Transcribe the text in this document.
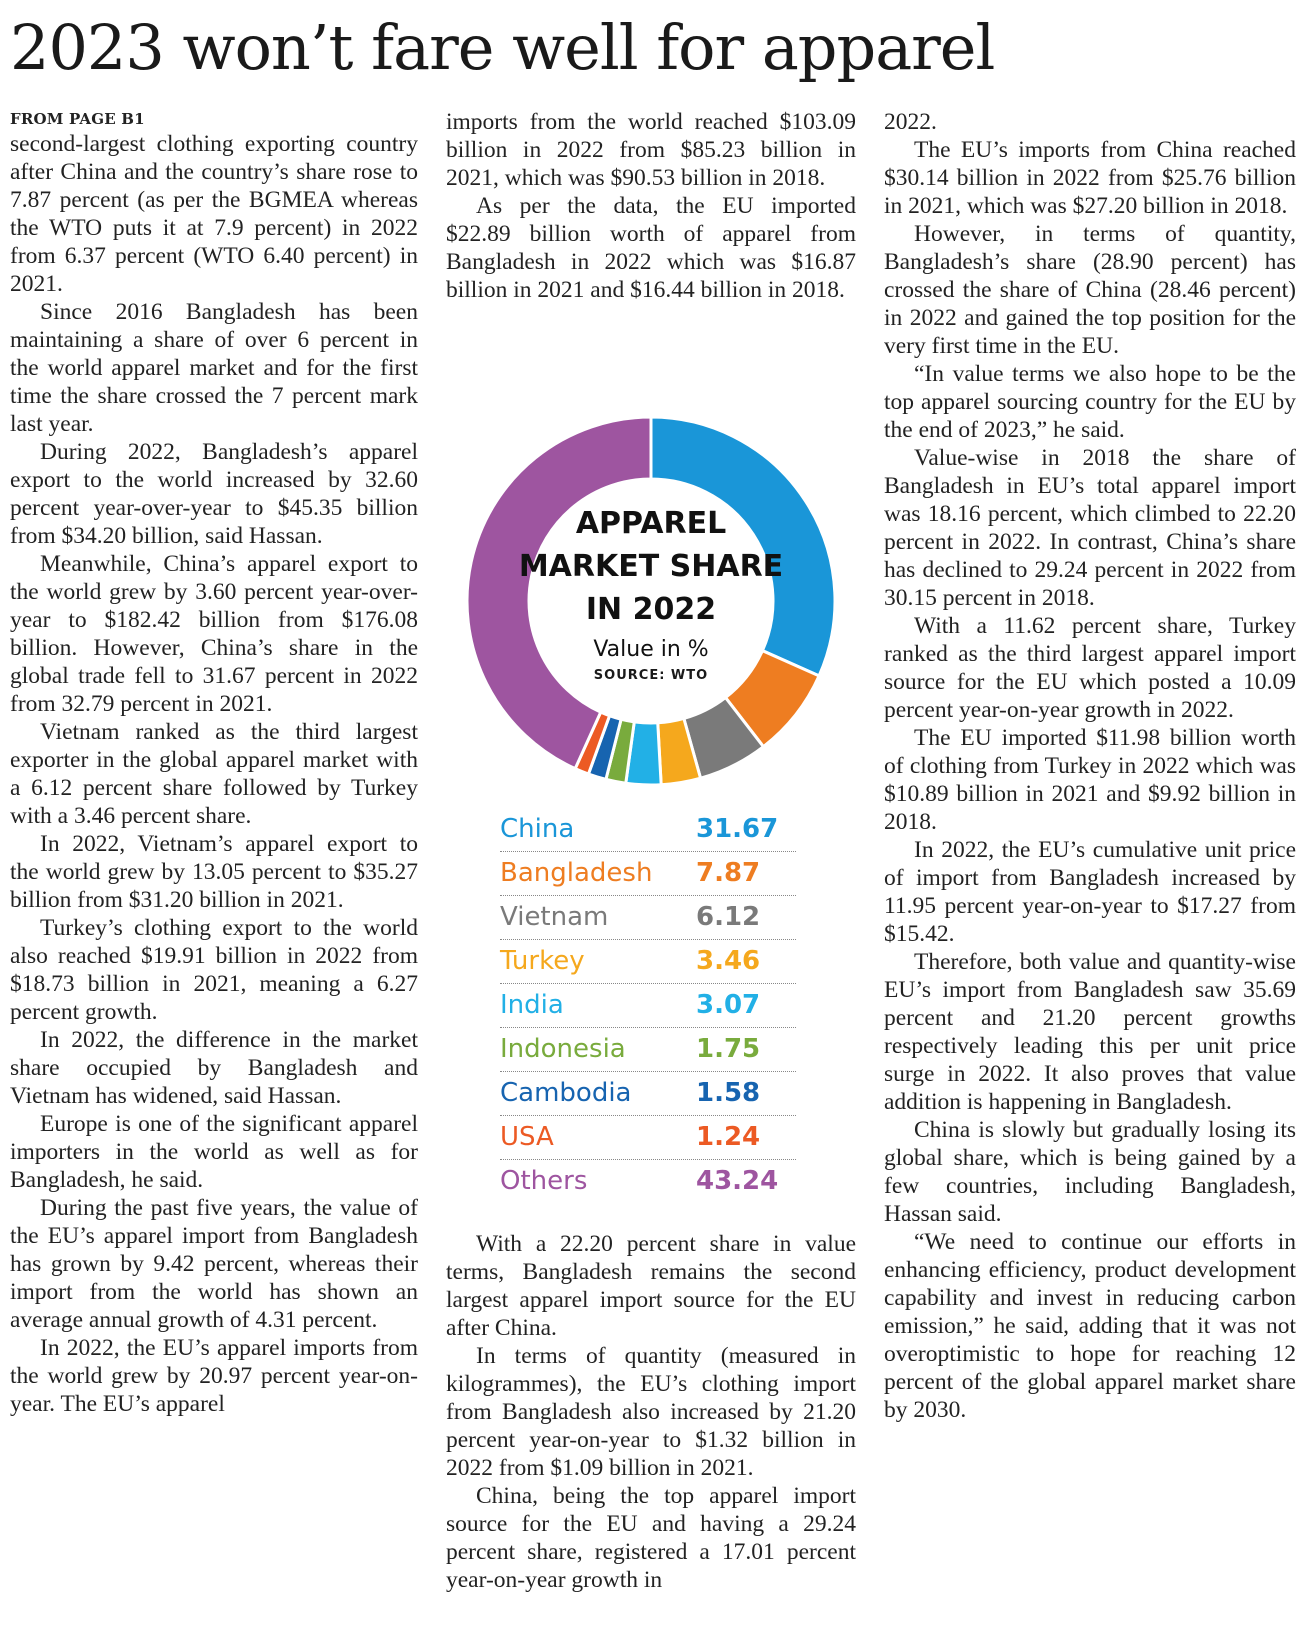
2023 won’t fare well for apparel
FROM PAGE B1

second-largest clothing exporting country after China and the country’s share rose to 7.87 percent (as per the BGMEA whereas the WTO puts it at 7.9 percent) in 2022 from 6.37 percent (WTO 6.40 percent) in 2021.

Since 2016 Bangladesh has been maintaining a share of over 6 percent in the world apparel market and for the first time the share crossed the 7 percent mark last year.

During 2022, Bangladesh’s apparel export to the world increased by 32.60 percent year-over-year to $45.35 billion from $34.20 billion, said Hassan.

Meanwhile, China’s apparel export to the world grew by 3.60 percent year-over-year to $182.42 billion from $176.08 billion. However, China’s share in the global trade fell to 31.67 percent in 2022 from 32.79 percent in 2021.

Vietnam ranked as the third largest exporter in the global apparel market with a 6.12 percent share followed by Turkey with a 3.46 percent share.

In 2022, Vietnam’s apparel export to the world grew by 13.05 percent to $35.27 billion from $31.20 billion in 2021.

Turkey’s clothing export to the world also reached $19.91 billion in 2022 from $18.73 billion in 2021, meaning a 6.27 percent growth.

In 2022, the difference in the market share occupied by Bangladesh and Vietnam has widened, said Hassan.

Europe is one of the significant apparel importers in the world as well as for Bangladesh, he said.

During the past five years, the value of the EU’s apparel import from Bangladesh has grown by 9.42 percent, whereas their import from the world has shown an average annual growth of 4.31 percent.

In 2022, the EU’s apparel imports from the world grew by 20.97 percent year-on-year. The EU’s apparel

imports from the world reached $103.09 billion in 2022 from $85.23 billion in 2021, which was $90.53 billion in 2018.

As per the data, the EU imported $22.89 billion worth of apparel from Bangladesh in 2022 which was $16.87 billion in 2021 and $16.44 billion in 2018.

APPAREL
MARKET SHARE
IN 2022
Value in %
SOURCE: WTO
China	31.67
Bangladesh 7.87
Vietnam	6.12
Turkey	3.46
India	3.07
Indonesia	1.75
Cambodia 1.58
USA	1.24
Others	43.24

With a 22.20 percent share in value terms, Bangladesh remains the second largest apparel import source for the EU after China.

In terms of quantity (measured in kilogrammes), the EU’s clothing import from Bangladesh also increased by 21.20 percent year-on-year to $1.32 billion in 2022 from $1.09 billion in 2021.

China, being the top apparel import source for the EU and having a 29.24 percent share, registered a 17.01 percent year-on-year growth in

2022.

The EU’s imports from China reached $30.14 billion in 2022 from $25.76 billion in 2021, which was $27.20 billion in 2018.

However, in terms of quantity, Bangladesh’s share (28.90 percent) has crossed the share of China (28.46 percent) in 2022 and gained the top position for the very first time in the EU.

“In value terms we also hope to be the top apparel sourcing country for the EU by the end of 2023,” he said.

Value-wise in 2018 the share of Bangladesh in EU’s total apparel import was 18.16 percent, which climbed to 22.20 percent in 2022. In contrast, China’s share has declined to 29.24 percent in 2022 from 30.15 percent in 2018.

With a 11.62 percent share, Turkey ranked as the third largest apparel import source for the EU which posted a 10.09 percent year-on-year growth in 2022.

The EU imported $11.98 billion worth of clothing from Turkey in 2022 which was $10.89 billion in 2021 and $9.92 billion in 2018.

In 2022, the EU’s cumulative unit price of import from Bangladesh increased by 11.95 percent year-on-year to $17.27 from $15.42.

Therefore, both value and quantity-wise EU’s import from Bangladesh saw 35.69 percent and 21.20 percent growths respectively leading this per unit price surge in 2022. It also proves that value addition is happening in Bangladesh.

China is slowly but gradually losing its global share, which is being gained by a few countries, including Bangladesh, Hassan said.

“We need to continue our efforts in enhancing efficiency, product development capability and invest in reducing carbon emission,” he said, adding that it was not overoptimistic to hope for reaching 12 percent of the global apparel market share by 2030.
